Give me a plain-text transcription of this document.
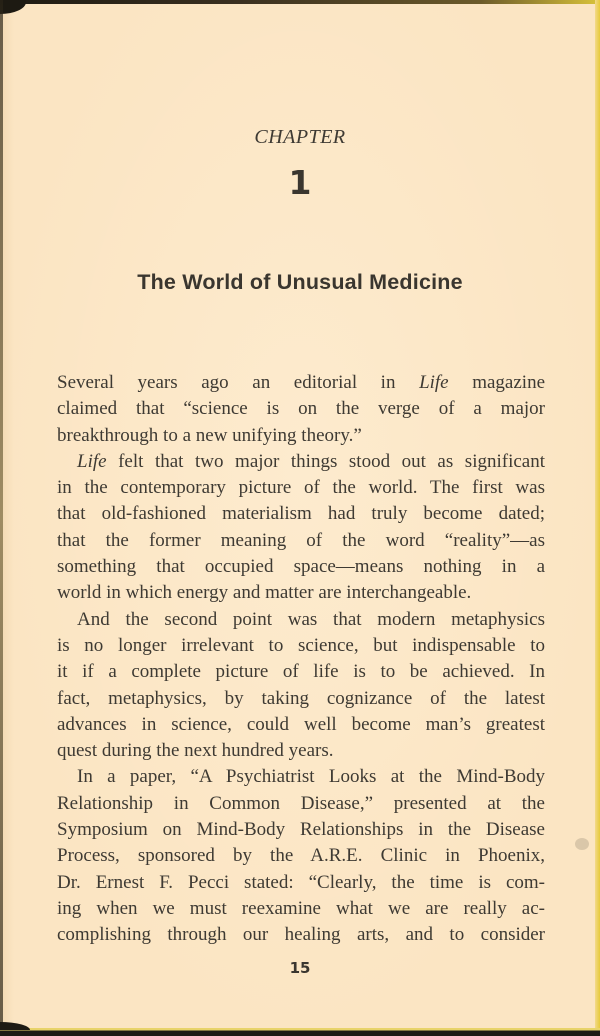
CHAPTER
1
The World of Unusual Medicine
Several years ago an editorial in Life magazine
claimed that “science is on the verge of a major
breakthrough to a new unifying theory.”
Life felt that two major things stood out as significant
in the contemporary picture of the world. The first was
that old-fashioned materialism had truly become dated;
that the former meaning of the word “reality”—as
something that occupied space—means nothing in a
world in which energy and matter are interchangeable.
And the second point was that modern metaphysics
is no longer irrelevant to science, but indispensable to
it if a complete picture of life is to be achieved. In
fact, metaphysics, by taking cognizance of the latest
advances in science, could well become man’s greatest
quest during the next hundred years.
In a paper, “A Psychiatrist Looks at the Mind-Body
Relationship in Common Disease,” presented at the
Symposium on Mind-Body Relationships in the Disease
Process, sponsored by the A.R.E. Clinic in Phoenix,
Dr. Ernest F. Pecci stated: “Clearly, the time is com-
ing when we must reexamine what we are really ac-
complishing through our healing arts, and to consider
15
